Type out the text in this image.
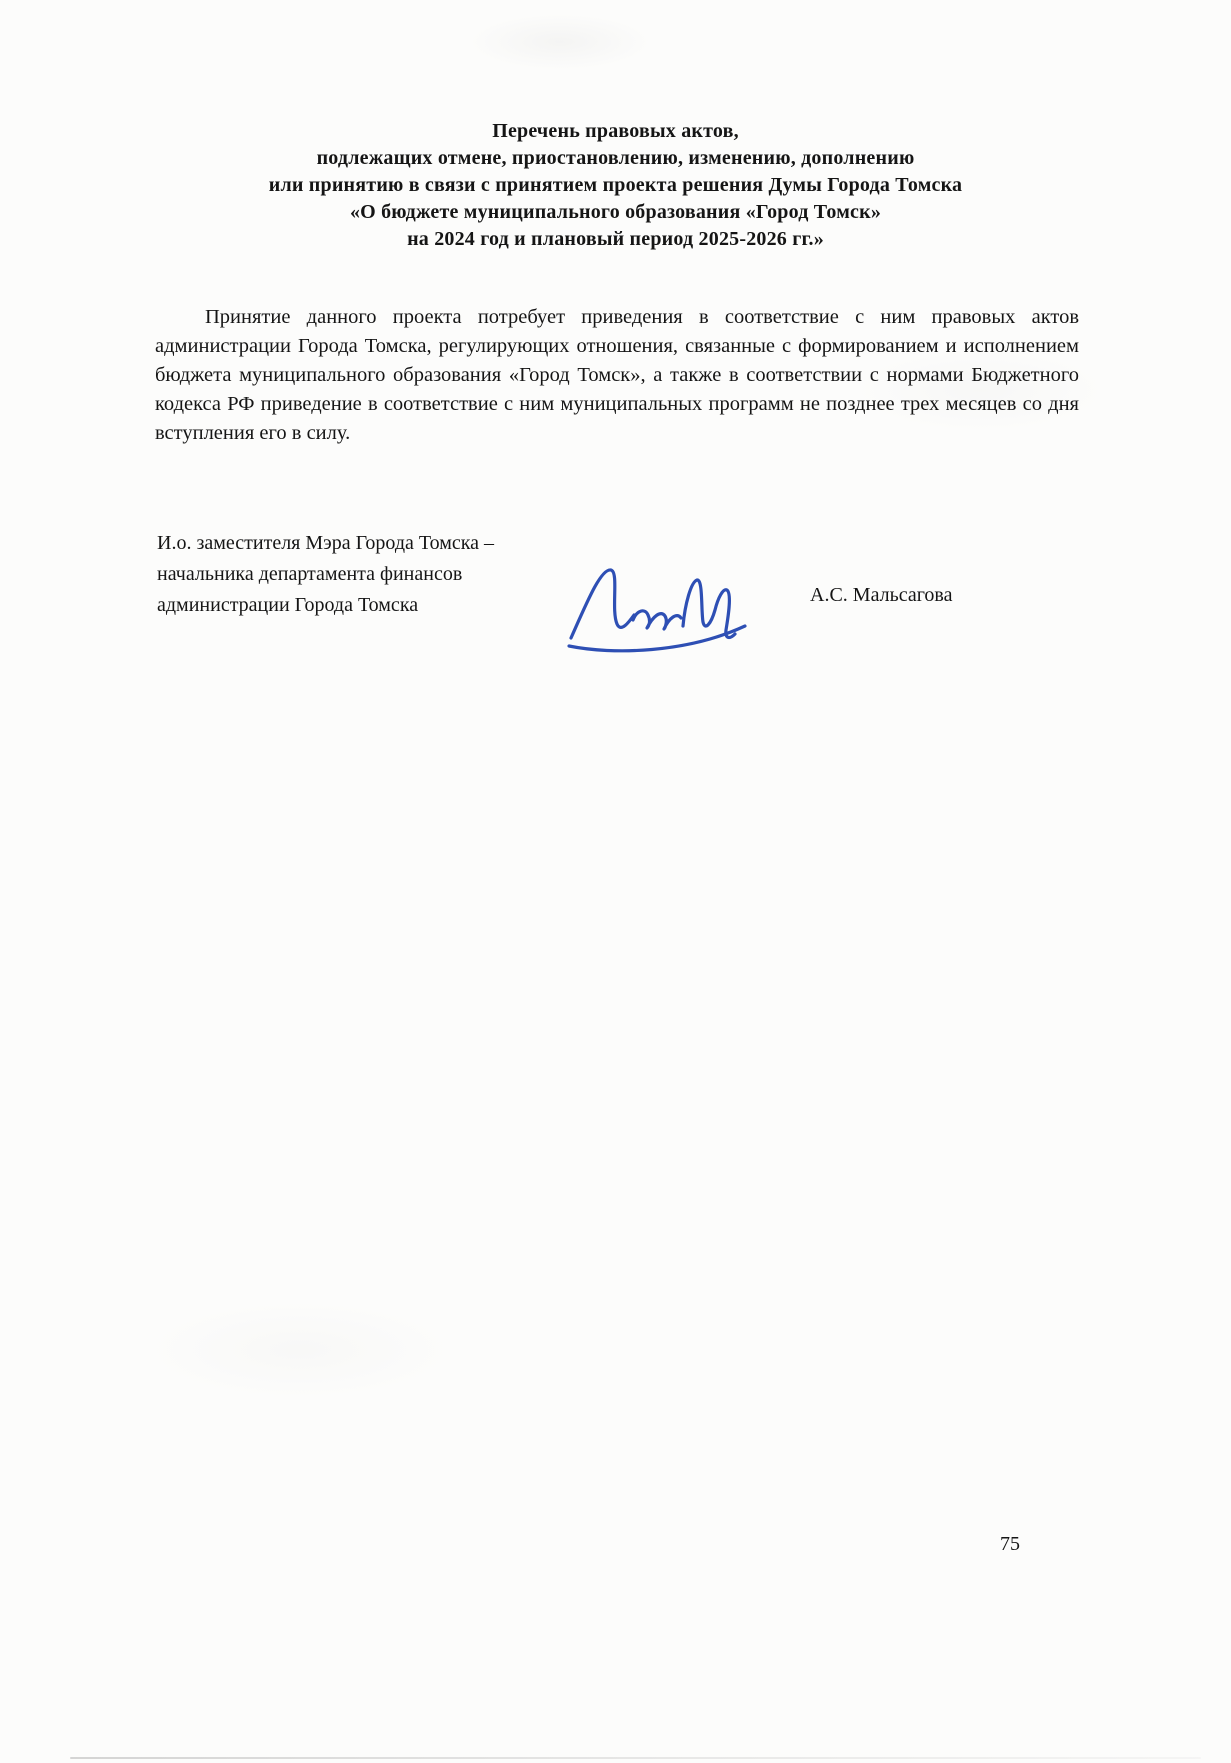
Перечень правовых актов,
подлежащих отмене, приостановлению, изменению, дополнению
или принятию в связи с принятием проекта решения Думы Города Томска
«О бюджете муниципального образования «Город Томск»
на 2024 год и плановый период 2025-2026 гг.»

Принятие данного проекта потребует приведения в соответствие с ним правовых актов администрации Города Томска, регулирующих отношения, связанные с формированием и исполнением бюджета муниципального образования «Город Томск», а также в соответствии с нормами Бюджетного кодекса РФ приведение в соответствие с ним муниципальных программ не позднее трех месяцев со дня вступления его в силу.

И.о. заместителя Мэра Города Томска –
начальника департамента финансов
администрации Города Томска	А.С. Мальсагова
75
